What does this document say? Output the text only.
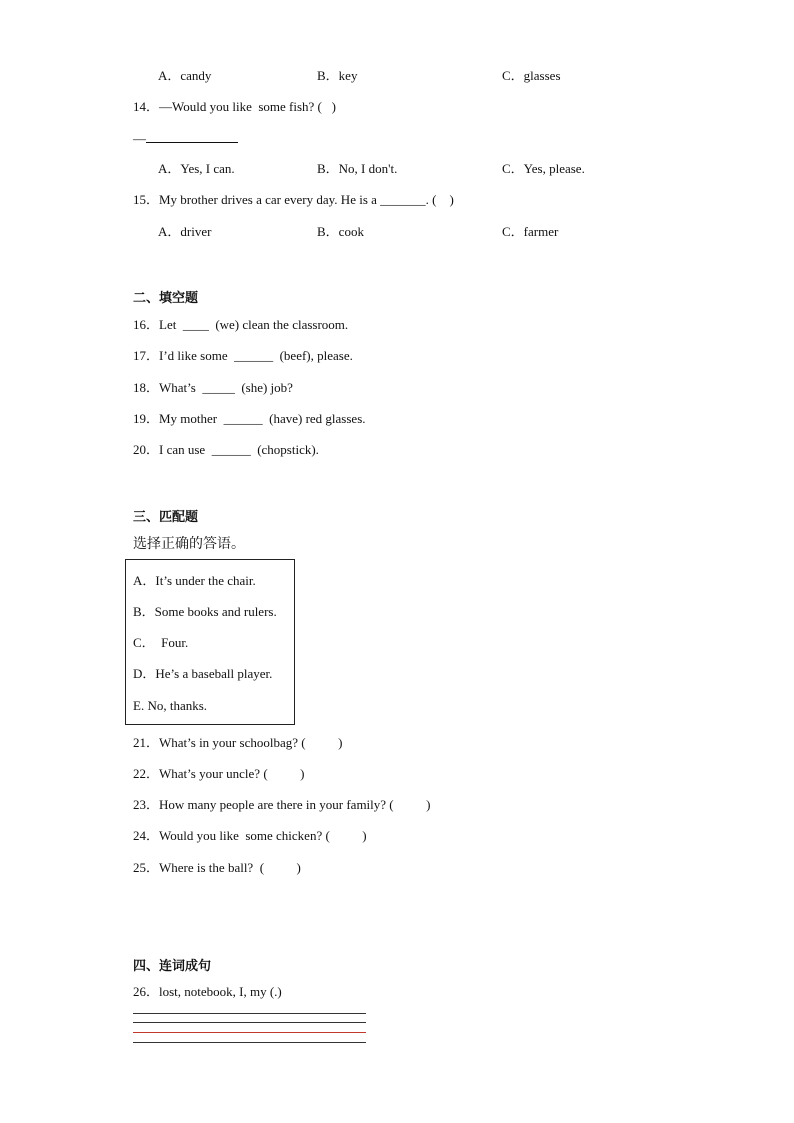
A．candy	B．key	C．glasses
14．—Would you like  some fish? (   )
—
A．Yes, I can.	B．No, I don't.	C．Yes, please.
15．My brother drives a car every day. He is a _______. (    )
A．driver	B．cook	C．farmer
二、填空题
16．Let  ____  (we) clean the classroom.
17．I’d like some  ______  (beef), please.
18．What’s  _____  (she) job?
19．My mother  ______  (have) red glasses.
20．I can use  ______  (chopstick).
三、匹配题
选择正确的答语。
A．It’s under the chair.
B．Some books and rulers.
C．  Four.
D．He’s a baseball player.
E. No, thanks.
21．What’s in your schoolbag? (          )
22．What’s your uncle? (          )
23．How many people are there in your family? (          )
24．Would you like  some chicken? (          )
25．Where is the ball?  (          )
四、连词成句
26．lost, notebook, I, my (.)
